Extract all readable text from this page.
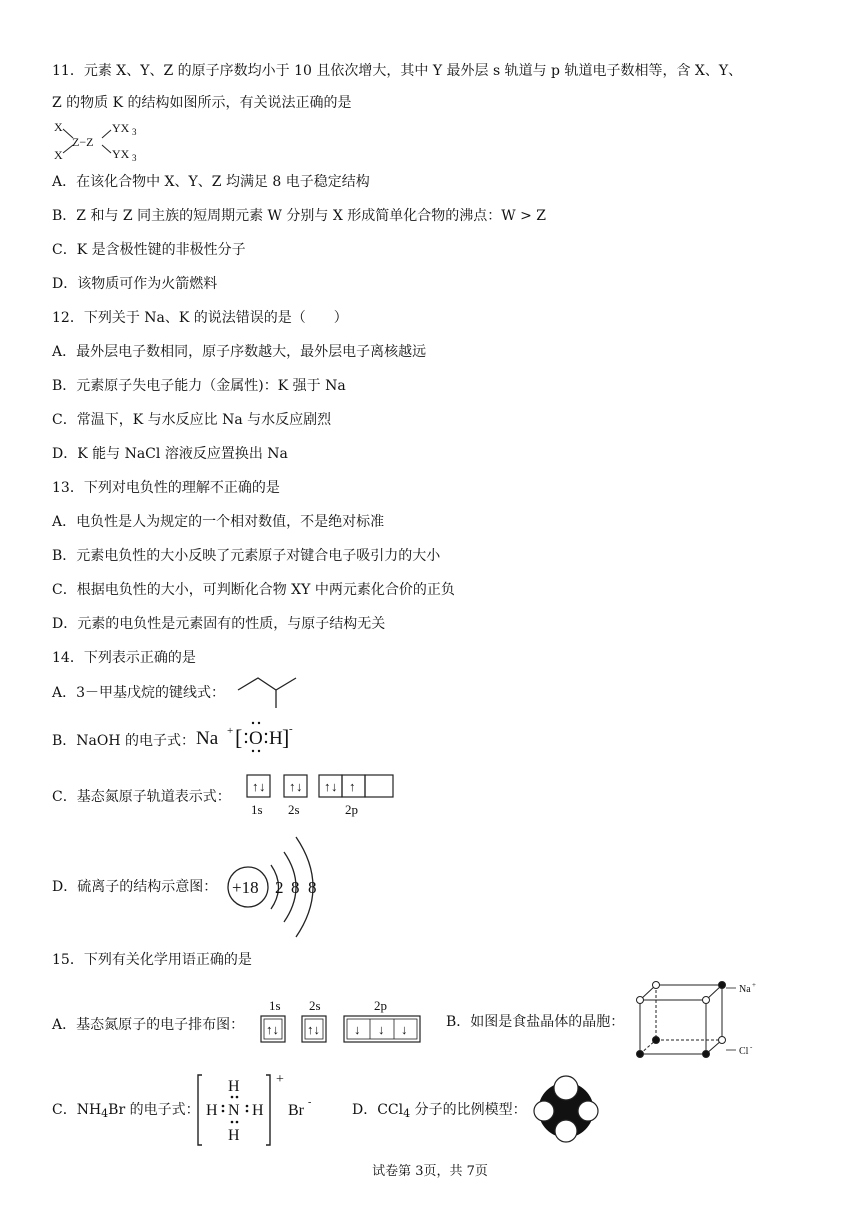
11．元素 X、Y、Z 的原子序数均小于 10 且依次增大，其中 Y 最外层 s 轨道与 p 轨道电子数相等，含 X、Y、
Z 的物质 K 的结构如图所示，有关说法正确的是
X
X
Z−Z
YX 3
YX 3
A．在该化合物中 X、Y、Z 均满足 8 电子稳定结构
B．Z 和与 Z 同主族的短周期元素 W 分别与 X 形成简单化合物的沸点：W > Z
C．K 是含极性键的非极性分子
D．该物质可作为火箭燃料
12．下列关于 Na、K 的说法错误的是（　　）
A．最外层电子数相同，原子序数越大，最外层电子离核越远
B．元素原子失电子能力（金属性)：K 强于 Na
C．常温下，K 与水反应比 Na 与水反应剧烈
D．K 能与 NaCl 溶液反应置换出 Na
13．下列对电负性的理解不正确的是
A．电负性是人为规定的一个相对数值，不是绝对标准
B．元素电负性的大小反映了元素原子对键合电子吸引力的大小
C．根据电负性的大小，可判断化合物 XY 中两元素化合价的正负
D．元素的电负性是元素固有的性质，与原子结构无关
14．下列表示正确的是
A．3－甲基戊烷的键线式：
B．NaOH 的电子式： Na + [ O H ] -
C．基态氮原子轨道表示式：
↑ ↓ ↑ ↓ ↑ ↓ ↑
1s 2s	2p
D．硫离子的结构示意图： +18 2 8 8
15．下列有关化学用语正确的是
A．基态氮原子的电子排布图：
1s 2s	2p
↑↓ ↑↓	↓ ↓ ↓	B．如图是食盐晶体的晶胞：
Na +
Cl -
C．$NH_4Br$ 的电子式：
H
H N H
H
+
Br -	D．CCl$_4$ 分子的比例模型：
试卷第 3页，共 7页
